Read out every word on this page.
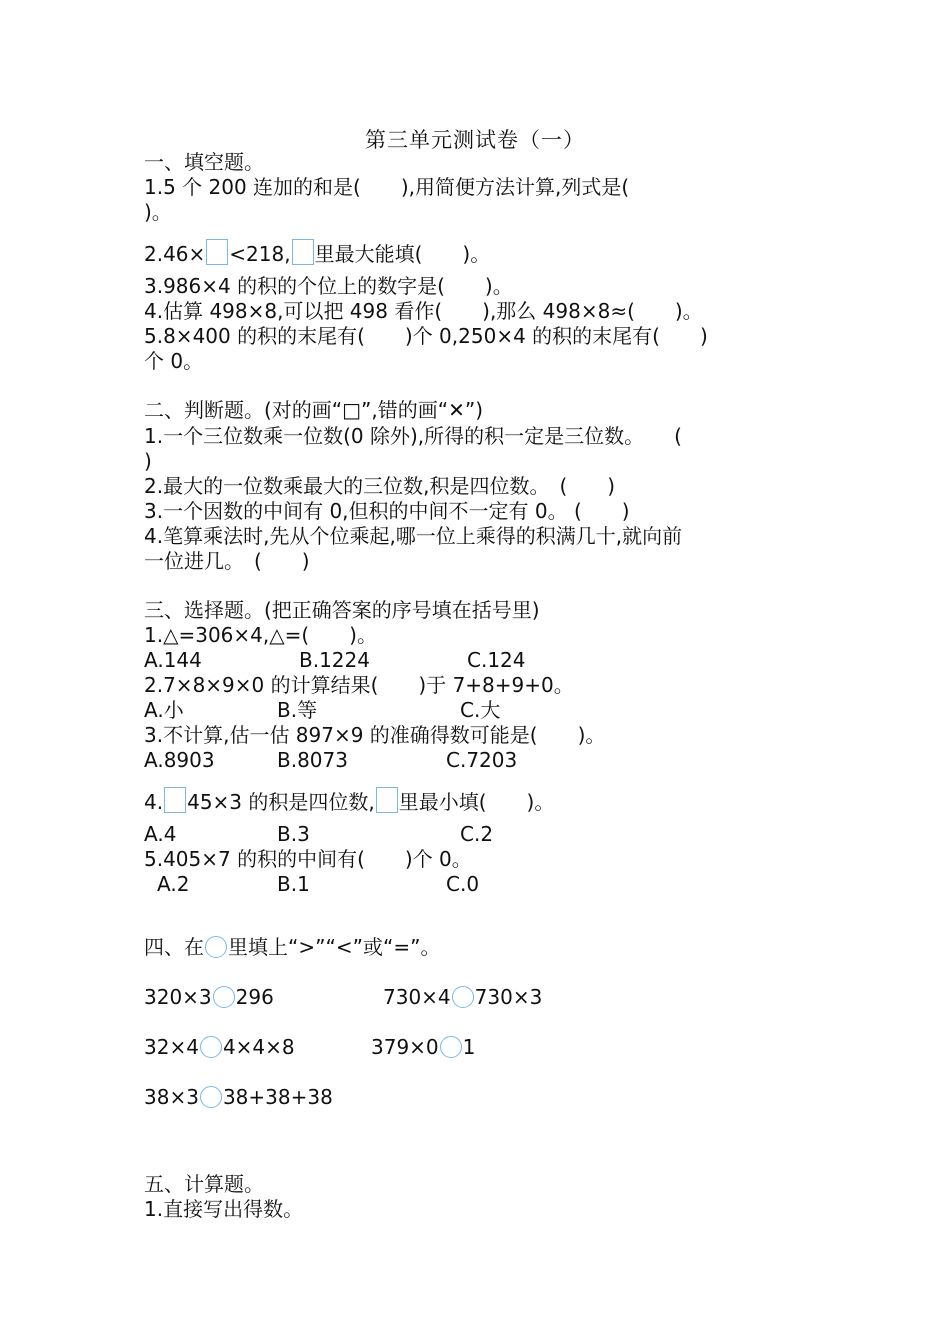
第三单元测试卷（一）
一、填空题。
1.5 个 200 连加的和是(　　),用简便方法计算,列式是(
)。
2.46× <218, 里最大能填(　　)。
3.986×4 的积的个位上的数字是(　　)。
4.估算 498×8,可以把 498 看作(　　),那么 498×8≈(　　)。
5.8×400 的积的末尾有(　　)个 0,250×4 的积的末尾有(　　)
个 0。
二、判断题。(对的画“□”,错的画“✕”)
1.一个三位数乘一位数(0 除外),所得的积一定是三位数。　　(
)
2.最大的一位数乘最大的三位数,积是四位数。　(　　)
3.一个因数的中间有 0,但积的中间不一定有 0。 (　　)
4.笔算乘法时,先从个位乘起,哪一位上乘得的积满几十,就向前
一位进几。　(　　)
三、选择题。(把正确答案的序号填在括号里)
1.△=306×4,△=(　　)。
A.144	B.1224	C.124
2.7×8×9×0 的计算结果(　　)于 7+8+9+0。
A.小	B.等	C.大
3.不计算,估一估 897×9 的准确得数可能是(　　)。
A.8903	B.8073	C.7203
4. 45×3 的积是四位数, 里最小填(　　)。
A.4	B.3	C.2
5.405×7 的积的中间有(　　)个 0。
A.2	B.1	C.0
四、在 里填上“>”“<”或“=”。
320×3 296	730×4 730×3
32×4 4×4×8	379×0 1
38×3 38+38+38
五、计算题。
1.直接写出得数。
